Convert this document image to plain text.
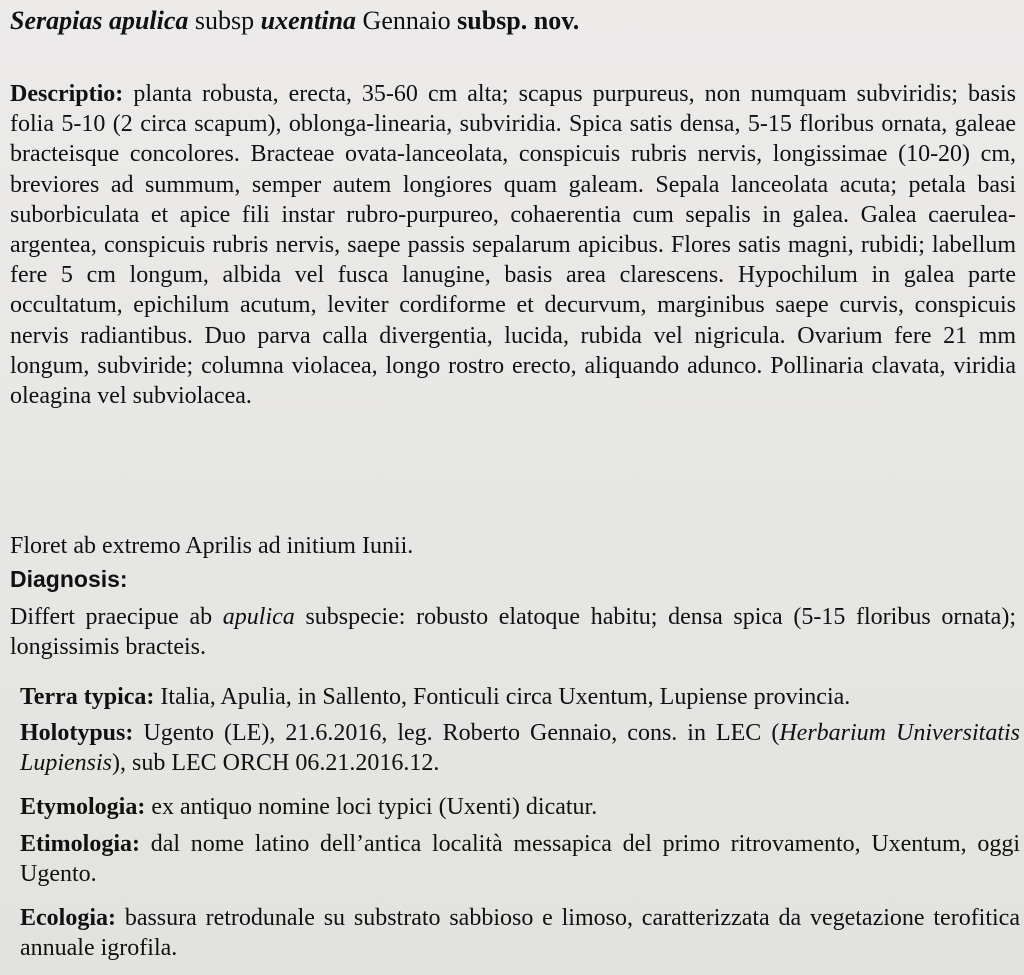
Serapias apulica subsp uxentina Gennaio subsp. nov.

Descriptio: planta robusta, erecta, 35-60 cm alta; scapus purpureus, non numquam subviridis; basis folia 5-10 (2 circa scapum), oblonga-linearia, subviridia. Spica satis densa, 5-15 floribus ornata, galeae bracteisque concolores. Bracteae ovata-lanceolata, conspicuis rubris nervis, longissimae (10-20) cm, breviores ad summum, semper autem longiores quam galeam. Sepala lanceolata acuta; petala basi suborbiculata et apice fili instar rubro-purpureo, cohaerentia cum sepalis in galea. Galea caerulea-argentea, conspicuis rubris nervis, saepe passis sepalarum apicibus. Flores satis magni, rubidi; labellum fere 5 cm longum, albida vel fusca lanugine, basis area clarescens. Hypochilum in galea parte occultatum, epichilum acutum, leviter cordiforme et decurvum, marginibus saepe curvis, conspicuis nervis radiantibus. Duo parva calla divergentia, lucida, rubida vel nigricula. Ovarium fere 21 mm longum, subviride; columna violacea, longo rostro erecto, aliquando adunco. Pollinaria clavata, viridia oleagina vel subviolacea.

Floret ab extremo Aprilis ad initium Iunii.

Diagnosis:

Differt praecipue ab apulica subspecie: robusto elatoque habitu; densa spica (5-15 floribus ornata); longissimis bracteis.

Terra typica: Italia, Apulia, in Sallento, Fonticuli circa Uxentum, Lupiense provincia.

Holotypus: Ugento (LE), 21.6.2016, leg. Roberto Gennaio, cons. in LEC (Herbarium Universitatis Lupiensis), sub LEC ORCH 06.21.2016.12.

Etymologia: ex antiquo nomine loci typici (Uxenti) dicatur.

Etimologia: dal nome latino dell’antica località messapica del primo ritrovamento, Uxentum, oggi Ugento.

Ecologia: bassura retrodunale su substrato sabbioso e limoso, caratterizzata da vegetazione terofitica annuale igrofila.
